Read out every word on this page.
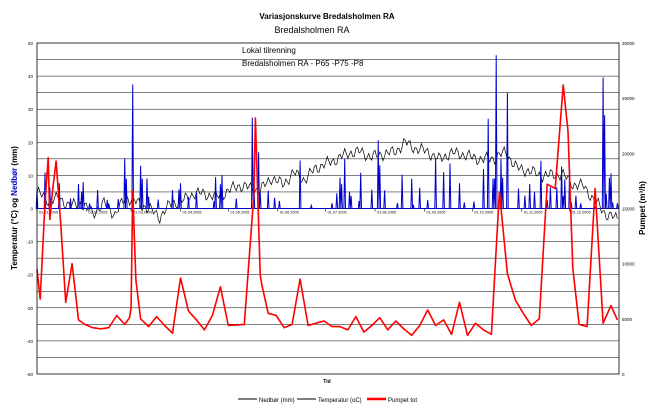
Variasjonskurve Bredalsholmen RA
Bredalsholmen RA
-50
-40
-30
-20
-10
0
10
20
30
40
50
0
5000
10000
15000
20000
25000
30000
01.01.2005	01.02.2005	01.03.2005	01.04.2005	01.05.2005	01.06.2005	01.07.2005	01.08.2005	01.09.2005	01.10.2005	01.11.2005	01.12.2005
Lokal tilrenning
Bredalsholmen RA - P65 -P75 -P8
Temperatur (°C) og Nedbør (mm)
Pumpet (m³/h)
Tid
Nedbør (mm)	Temperatur (oC)	Pumpet tot
